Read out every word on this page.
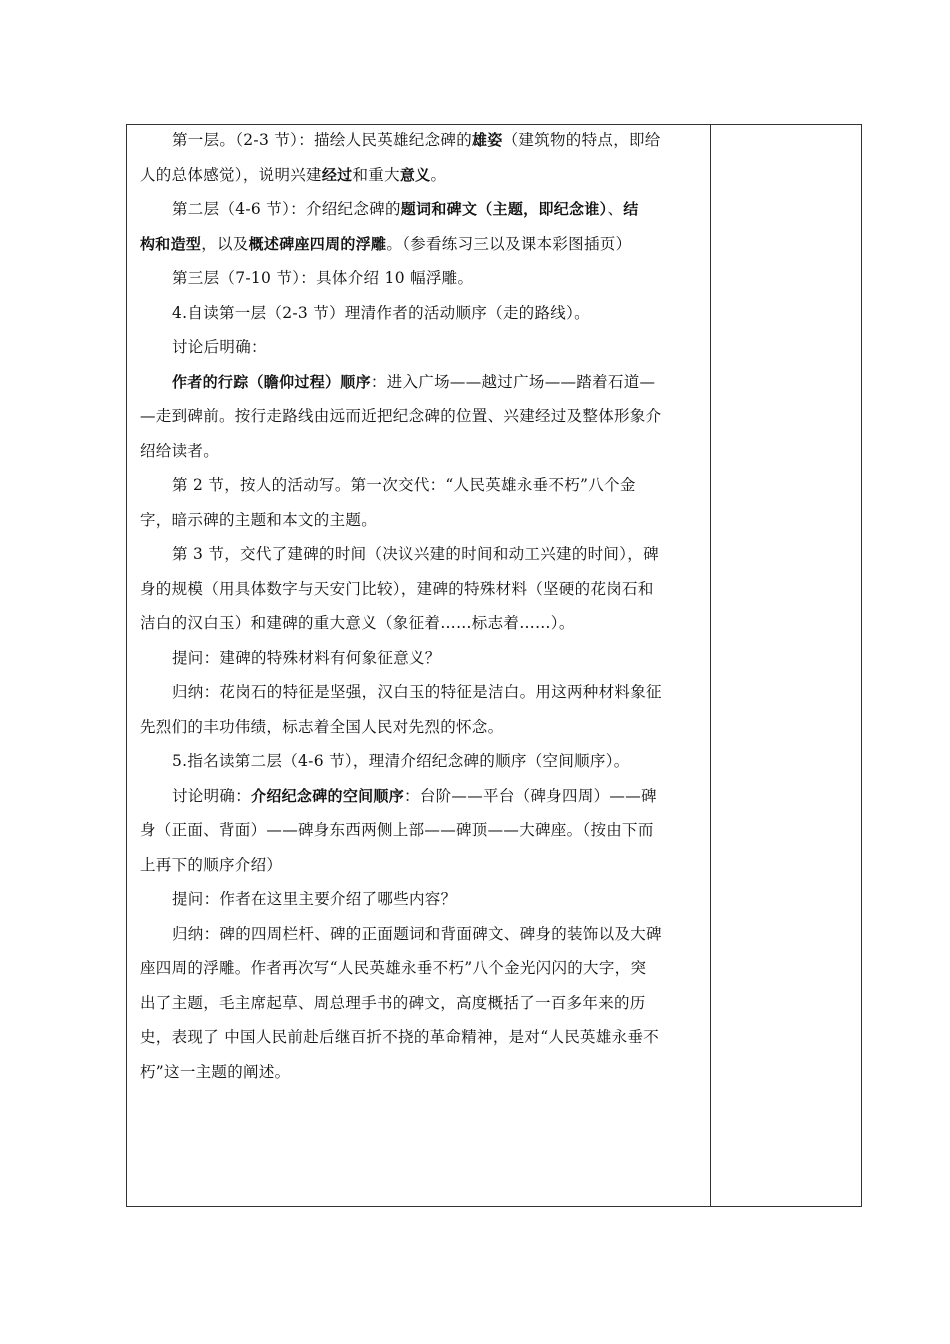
第一层。（2-3 节）：描绘人民英雄纪念碑的雄姿（建筑物的特点，即给
人的总体感觉），说明兴建经过和重大意义。
第二层（4-6 节）：介绍纪念碑的题词和碑文（主题，即纪念谁）、结
构和造型，以及概述碑座四周的浮雕。（参看练习三以及课本彩图插页）
第三层（7-10 节）：具体介绍 10 幅浮雕。
4.自读第一层（2-3 节）理清作者的活动顺序（走的路线）。
讨论后明确：
作者的行踪（瞻仰过程）顺序：进入广场——越过广场——踏着石道—
—走到碑前。按行走路线由远而近把纪念碑的位置、兴建经过及整体形象介
绍给读者。
第 2 节，按人的活动写。第一次交代：“人民英雄永垂不朽”八个金
字，暗示碑的主题和本文的主题。
第 3 节，交代了建碑的时间（决议兴建的时间和动工兴建的时间），碑
身的规模（用具体数字与天安门比较），建碑的特殊材料（坚硬的花岗石和
洁白的汉白玉）和建碑的重大意义（象征着……标志着……）。
提问：建碑的特殊材料有何象征意义？
归纳：花岗石的特征是坚强，汉白玉的特征是洁白。用这两种材料象征
先烈们的丰功伟绩，标志着全国人民对先烈的怀念。
5.指名读第二层（4-6 节），理清介绍纪念碑的顺序（空间顺序）。
讨论明确：介绍纪念碑的空间顺序：台阶——平台（碑身四周）——碑
身（正面、背面）——碑身东西两侧上部——碑顶——大碑座。（按由下而
上再下的顺序介绍）
提问：作者在这里主要介绍了哪些内容？
归纳：碑的四周栏杆、碑的正面题词和背面碑文、碑身的装饰以及大碑
座四周的浮雕。作者再次写“人民英雄永垂不朽”八个金光闪闪的大字，突
出了主题，毛主席起草、周总理手书的碑文，高度概括了一百多年来的历
史，表现了 中国人民前赴后继百折不挠的革命精神，是对“人民英雄永垂不
朽”这一主题的阐述。
